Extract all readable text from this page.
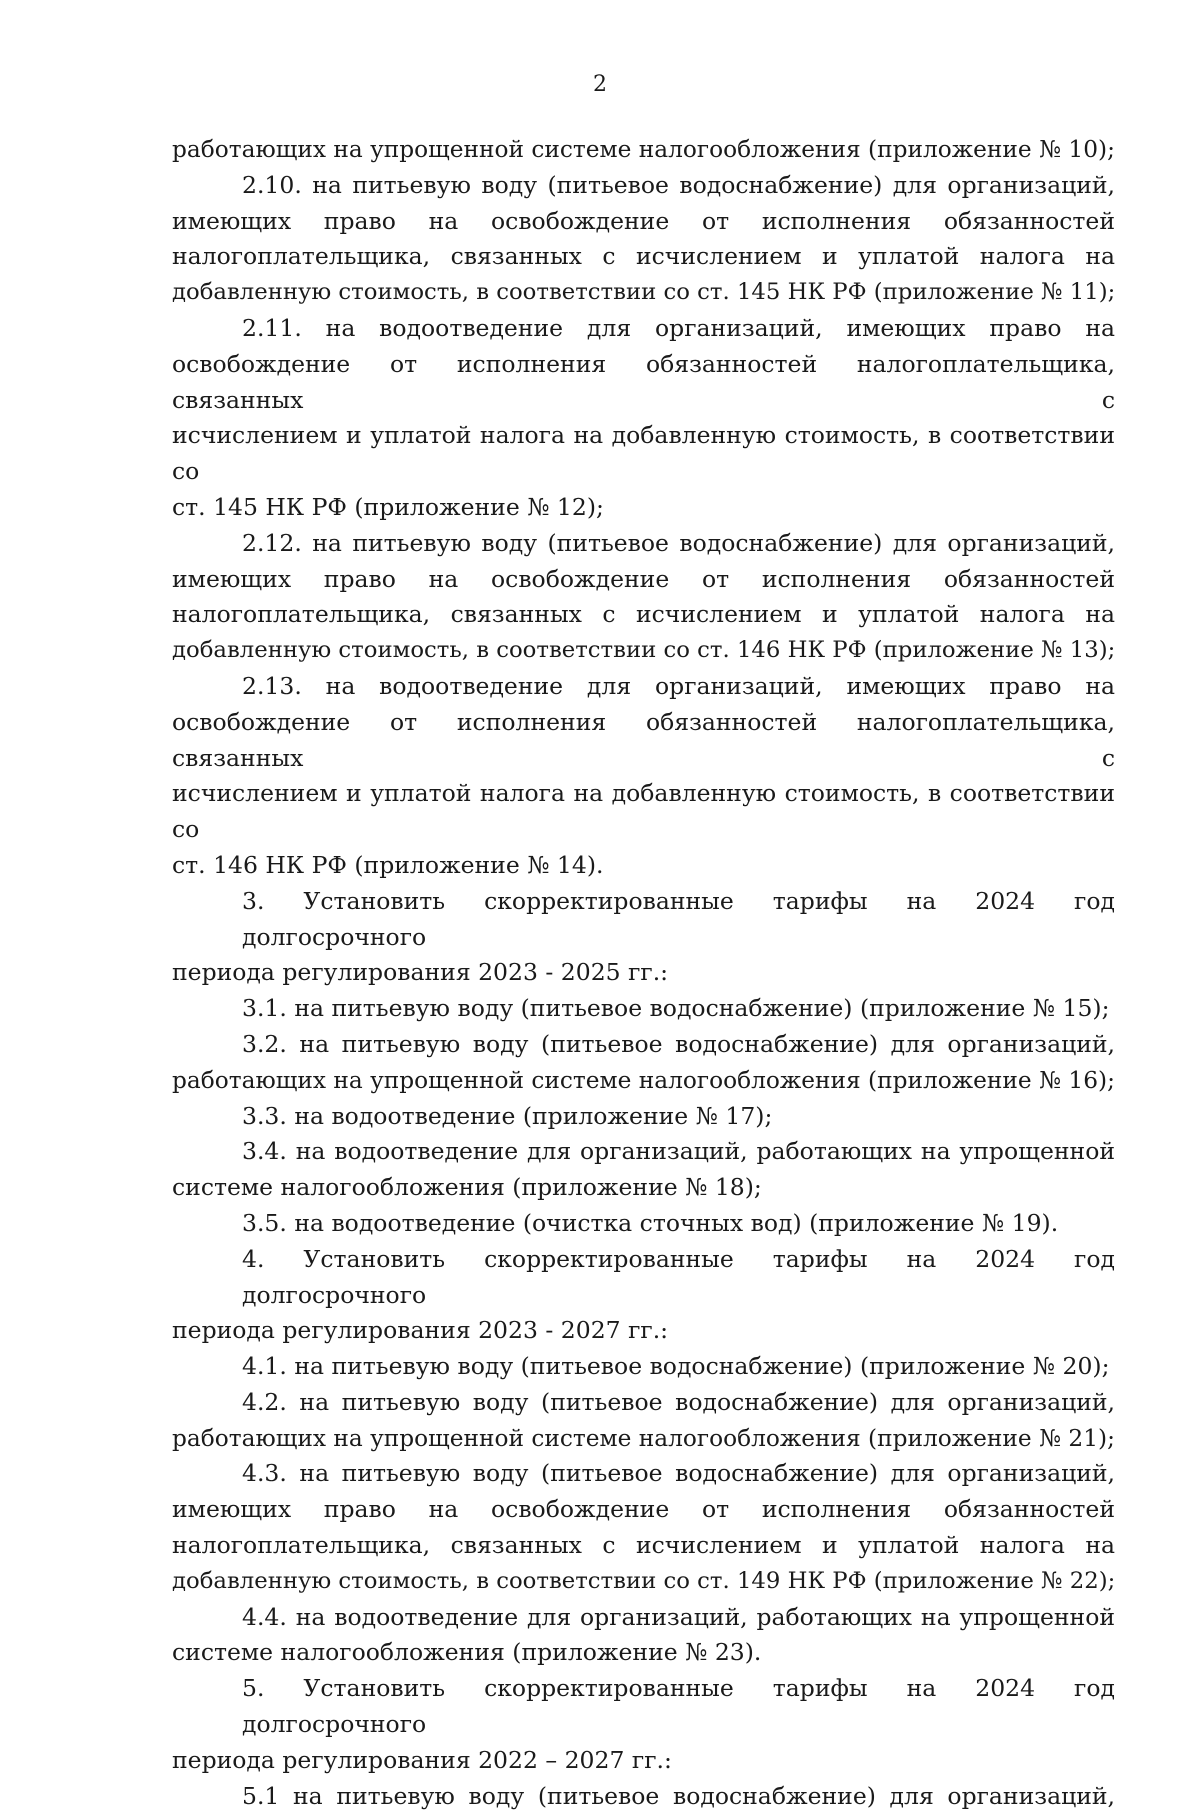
2
работающих на упрощенной системе налогообложения (приложение № 10);
2.10. на питьевую воду (питьевое водоснабжение) для организаций,
имеющих право на освобождение от исполнения обязанностей
налогоплательщика, связанных с исчислением и уплатой налога на
добавленную стоимость, в соответствии со ст. 145 НК РФ (приложение № 11);
2.11. на водоотведение для организаций, имеющих право на
освобождение от исполнения обязанностей налогоплательщика, связанных с
исчислением и уплатой налога на добавленную стоимость, в соответствии со
ст. 145 НК РФ (приложение № 12);
2.12. на питьевую воду (питьевое водоснабжение) для организаций,
имеющих право на освобождение от исполнения обязанностей
налогоплательщика, связанных с исчислением и уплатой налога на
добавленную стоимость, в соответствии со ст. 146 НК РФ (приложение № 13);
2.13. на водоотведение для организаций, имеющих право на
освобождение от исполнения обязанностей налогоплательщика, связанных с
исчислением и уплатой налога на добавленную стоимость, в соответствии со
ст. 146 НК РФ (приложение № 14).
3. Установить скорректированные тарифы на 2024 год долгосрочного
периода регулирования 2023 - 2025 гг.:
3.1. на питьевую воду (питьевое водоснабжение) (приложение № 15);
3.2. на питьевую воду (питьевое водоснабжение) для организаций,
работающих на упрощенной системе налогообложения (приложение № 16);
3.3. на водоотведение (приложение № 17);
3.4. на водоотведение для организаций, работающих на упрощенной
системе налогообложения (приложение № 18);
3.5. на водоотведение (очистка сточных вод) (приложение № 19).
4. Установить скорректированные тарифы на 2024 год долгосрочного
периода регулирования 2023 - 2027 гг.:
4.1. на питьевую воду (питьевое водоснабжение) (приложение № 20);
4.2. на питьевую воду (питьевое водоснабжение) для организаций,
работающих на упрощенной системе налогообложения (приложение № 21);
4.3. на питьевую воду (питьевое водоснабжение) для организаций,
имеющих право на освобождение от исполнения обязанностей
налогоплательщика, связанных с исчислением и уплатой налога на
добавленную стоимость, в соответствии со ст. 149 НК РФ (приложение № 22);
4.4. на водоотведение для организаций, работающих на упрощенной
системе налогообложения (приложение № 23).
5. Установить скорректированные тарифы на 2024 год долгосрочного
периода регулирования 2022 – 2027 гг.:
5.1 на питьевую воду (питьевое водоснабжение) для организаций,
